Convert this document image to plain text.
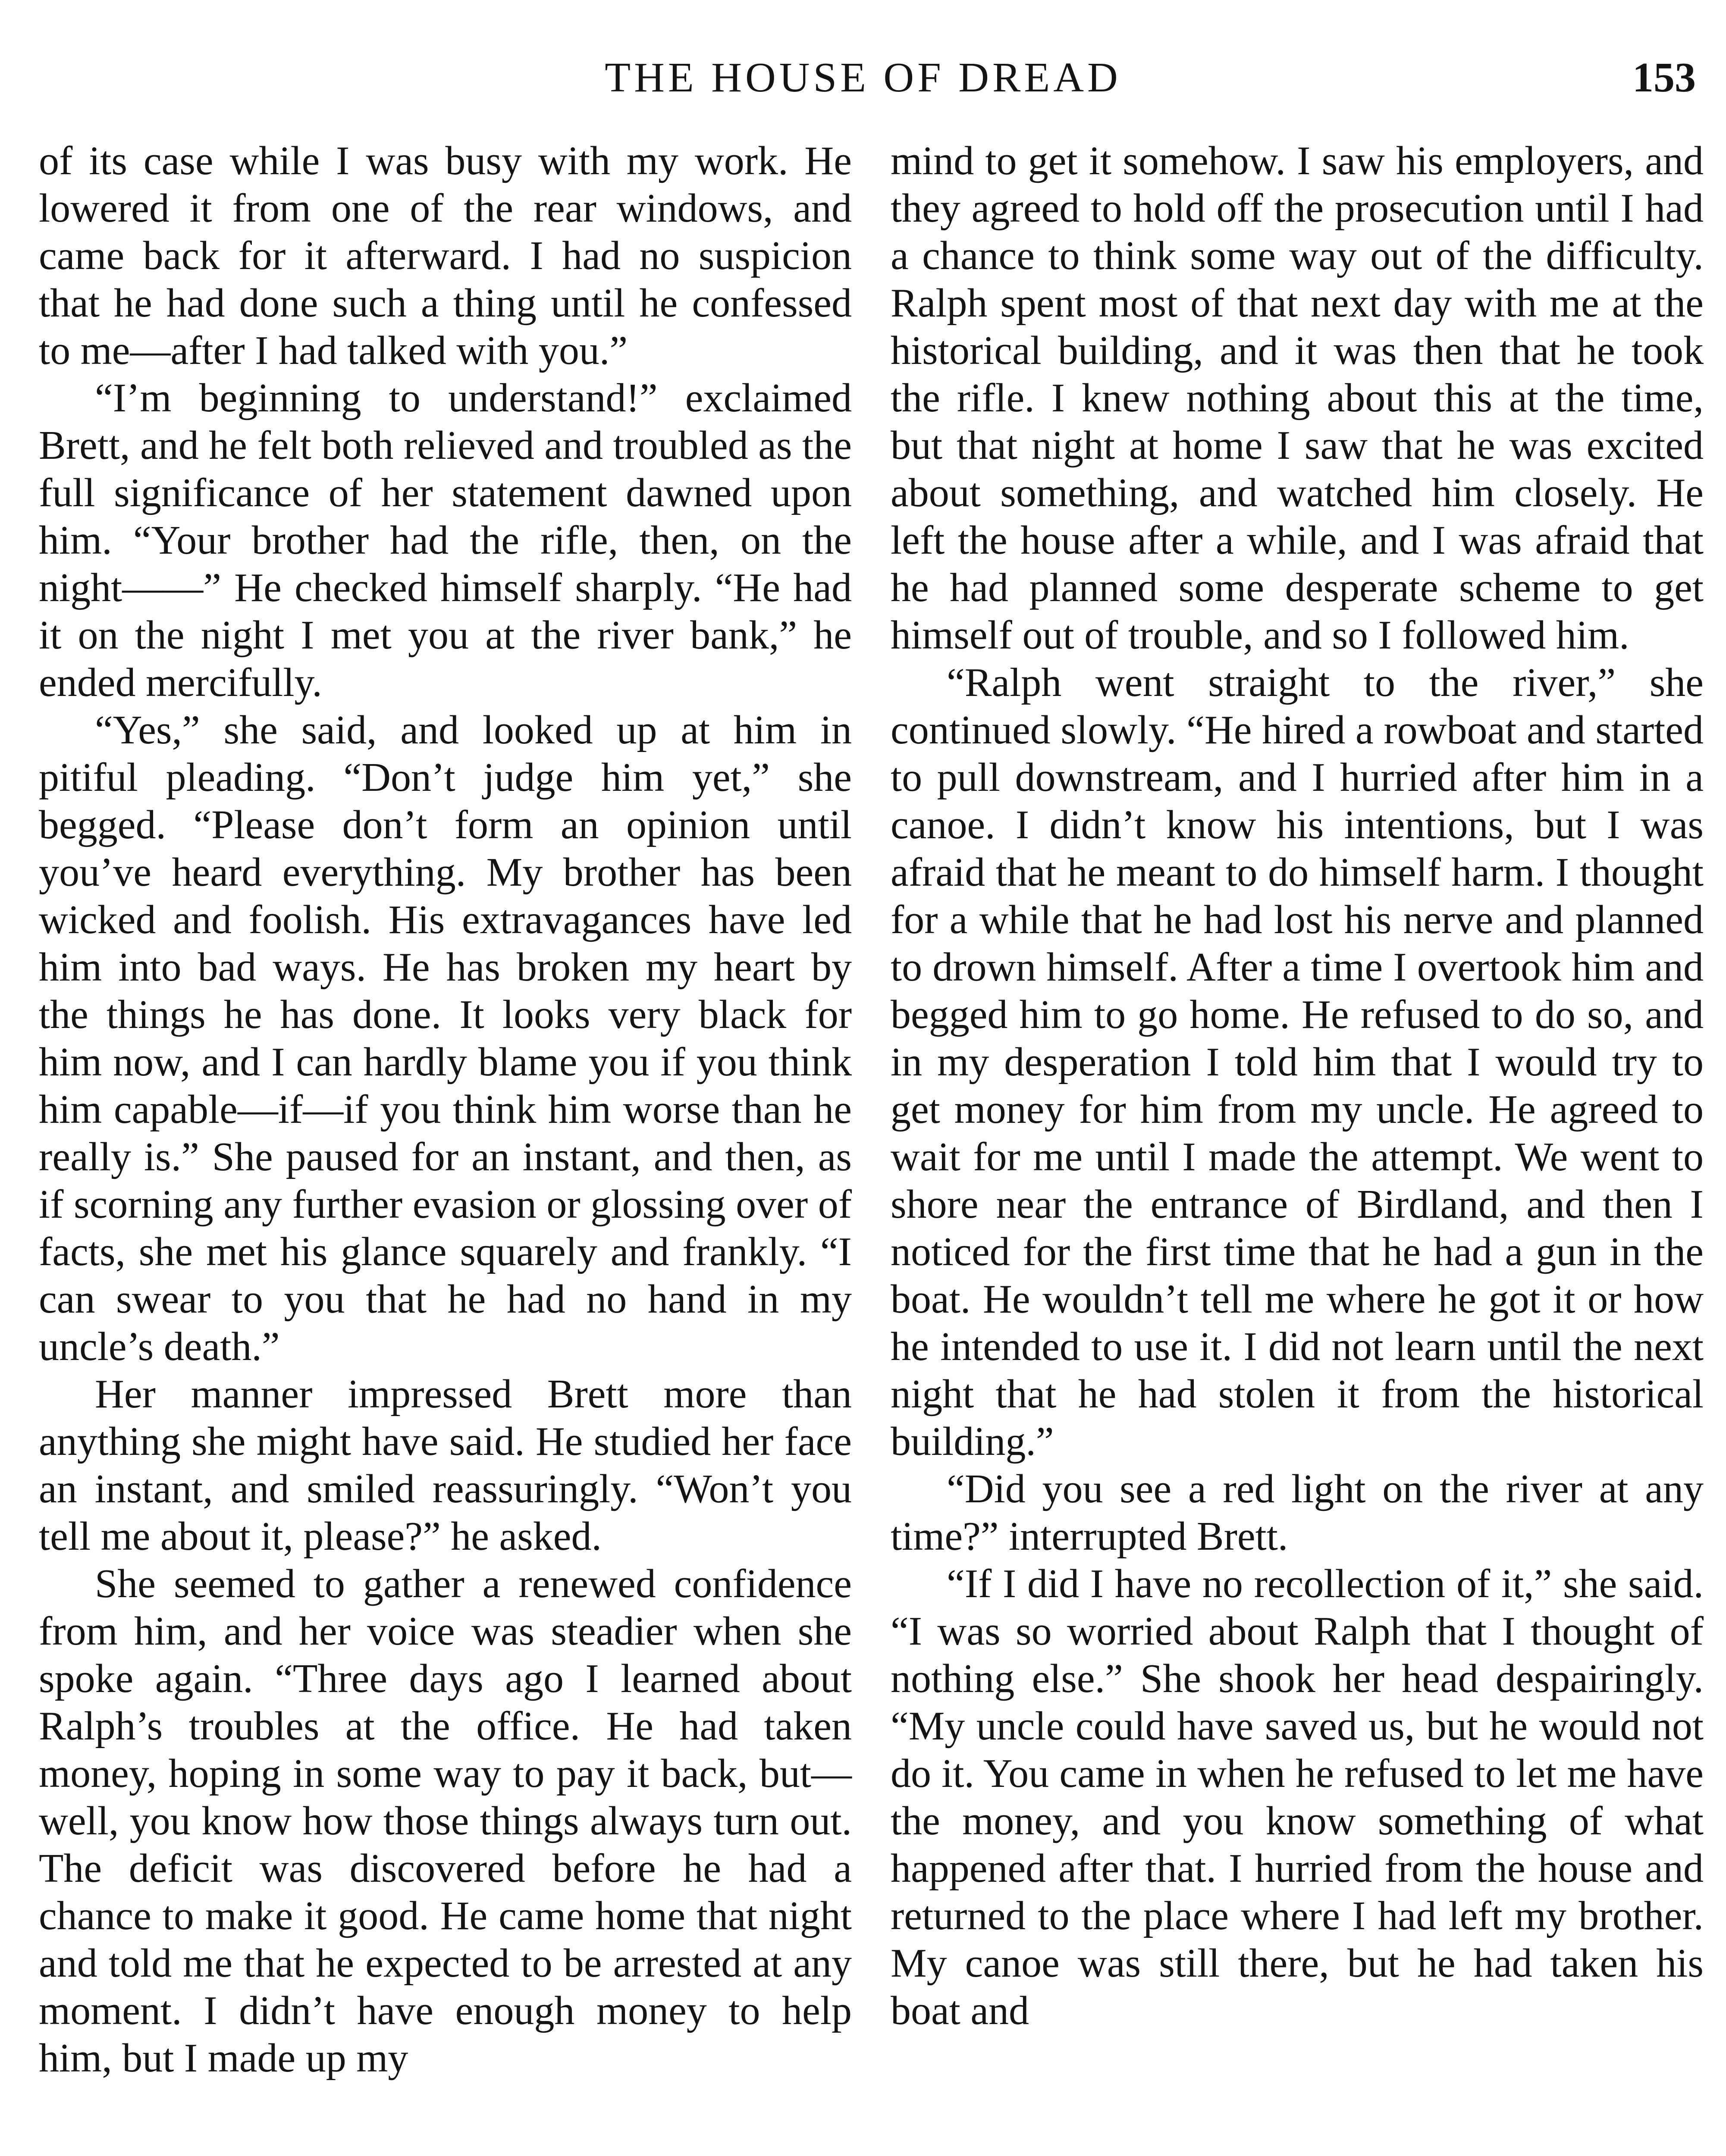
THE HOUSE OF DREAD	153

of its case while I was busy with my work. He lowered it from one of the rear windows, and came back for it afterward. I had no suspicion that he had done such a thing until he confessed to me—after I had talked with you.”

“I’m beginning to understand!” exclaimed Brett, and he felt both relieved and troubled as the full significance of her statement dawned upon him. “Your brother had the rifle, then, on the night——” He checked himself sharply. “He had it on the night I met you at the river bank,” he ended mercifully.

“Yes,” she said, and looked up at him in pitiful pleading. “Don’t judge him yet,” she begged. “Please don’t form an opinion until you’ve heard everything. My brother has been wicked and foolish. His extravagances have led him into bad ways. He has broken my heart by the things he has done. It looks very black for him now, and I can hardly blame you if you think him capable—if—if you think him worse than he really is.” She paused for an instant, and then, as if scorning any further evasion or glossing over of facts, she met his glance squarely and frankly. “I can swear to you that he had no hand in my uncle’s death.”

Her manner impressed Brett more than anything she might have said. He studied her face an instant, and smiled reassuringly. “Won’t you tell me about it, please?” he asked.

She seemed to gather a renewed confidence from him, and her voice was steadier when she spoke again. “Three days ago I learned about Ralph’s troubles at the office. He had taken money, hoping in some way to pay it back, but—well, you know how those things always turn out. The deficit was discovered before he had a chance to make it good. He came home that night and told me that he expected to be arrested at any moment. I didn’t have enough money to help him, but I made up my

mind to get it somehow. I saw his employers, and they agreed to hold off the prosecution until I had a chance to think some way out of the difficulty. Ralph spent most of that next day with me at the historical building, and it was then that he took the rifle. I knew nothing about this at the time, but that night at home I saw that he was excited about something, and watched him closely. He left the house after a while, and I was afraid that he had planned some desperate scheme to get himself out of trouble, and so I followed him.

“Ralph went straight to the river,” she continued slowly. “He hired a rowboat and started to pull downstream, and I hurried after him in a canoe. I didn’t know his intentions, but I was afraid that he meant to do himself harm. I thought for a while that he had lost his nerve and planned to drown himself. After a time I overtook him and begged him to go home. He refused to do so, and in my desperation I told him that I would try to get money for him from my uncle. He agreed to wait for me until I made the attempt. We went to shore near the entrance of Birdland, and then I noticed for the first time that he had a gun in the boat. He wouldn’t tell me where he got it or how he intended to use it. I did not learn until the next night that he had stolen it from the historical building.”

“Did you see a red light on the river at any time?” interrupted Brett.

“If I did I have no recollection of it,” she said. “I was so worried about Ralph that I thought of nothing else.” She shook her head despairingly. “My uncle could have saved us, but he would not do it. You came in when he refused to let me have the money, and you know something of what happened after that. I hurried from the house and returned to the place where I had left my brother. My canoe was still there, but he had taken his boat and
